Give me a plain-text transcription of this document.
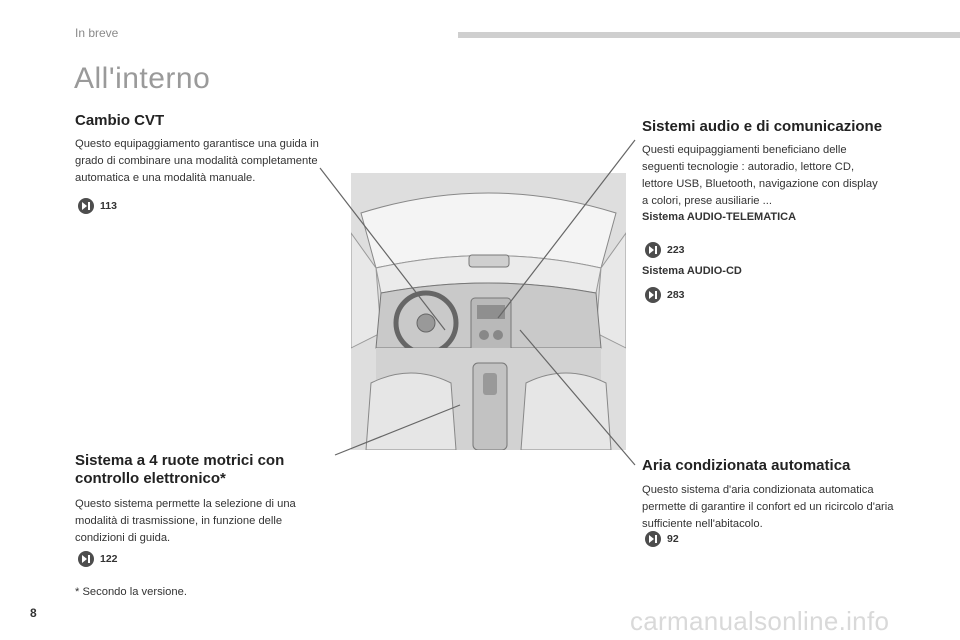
In breve
All'interno
Cambio CVT

Questo equipaggiamento garantisce una guida in grado di combinare una modalità completamente automatica e una modalità manuale.

113
Sistema a 4 ruote motrici con controllo elettronico*

Questo sistema permette la selezione di una modalità di trasmissione, in funzione delle condizioni di guida.

122
Sistemi audio e di comunicazione

Questi equipaggiamenti beneficiano delle seguenti tecnologie : autoradio, lettore CD, lettore USB, Bluetooth, navigazione con display a colori, prese ausiliarie ...

Sistema AUDIO-TELEMATICA
223
Sistema AUDIO-CD
283
Aria condizionata automatica

Questo sistema d'aria condizionata automatica permette di garantire il confort ed un ricircolo d'aria sufficiente nell'abitacolo.

92
* Secondo la versione.
8	carmanualsonline.info
